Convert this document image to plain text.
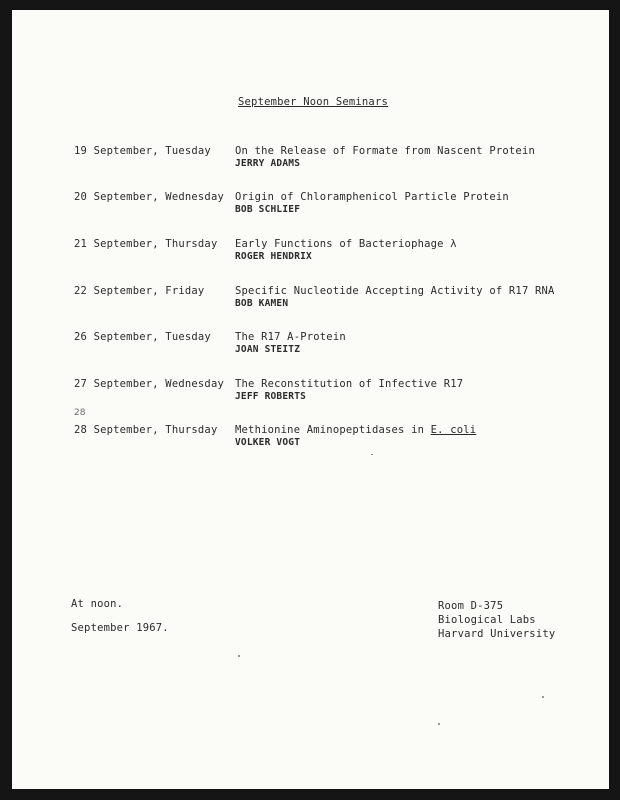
September Noon Seminars
19 September, Tuesday On the Release of Formate from Nascent Protein
JERRY ADAMS
20 September, Wednesday Origin of Chloramphenicol Particle Protein
BOB SCHLIEF
21 September, Thursday Early Functions of Bacteriophage λ
ROGER HENDRIX
22 September, Friday	Specific Nucleotide Accepting Activity of R17 RNA
BOB KAMEN
26 September, Tuesday The R17 A-Protein
JOAN STEITZ
27 September, Wednesday The Reconstitution of Infective R17
JEFF ROBERTS
28
28 September, Thursday Methionine Aminopeptidases in E. coli
VOLKER VOGT
At noon.
September 1967.
Room D-375
Biological Labs
Harvard University
